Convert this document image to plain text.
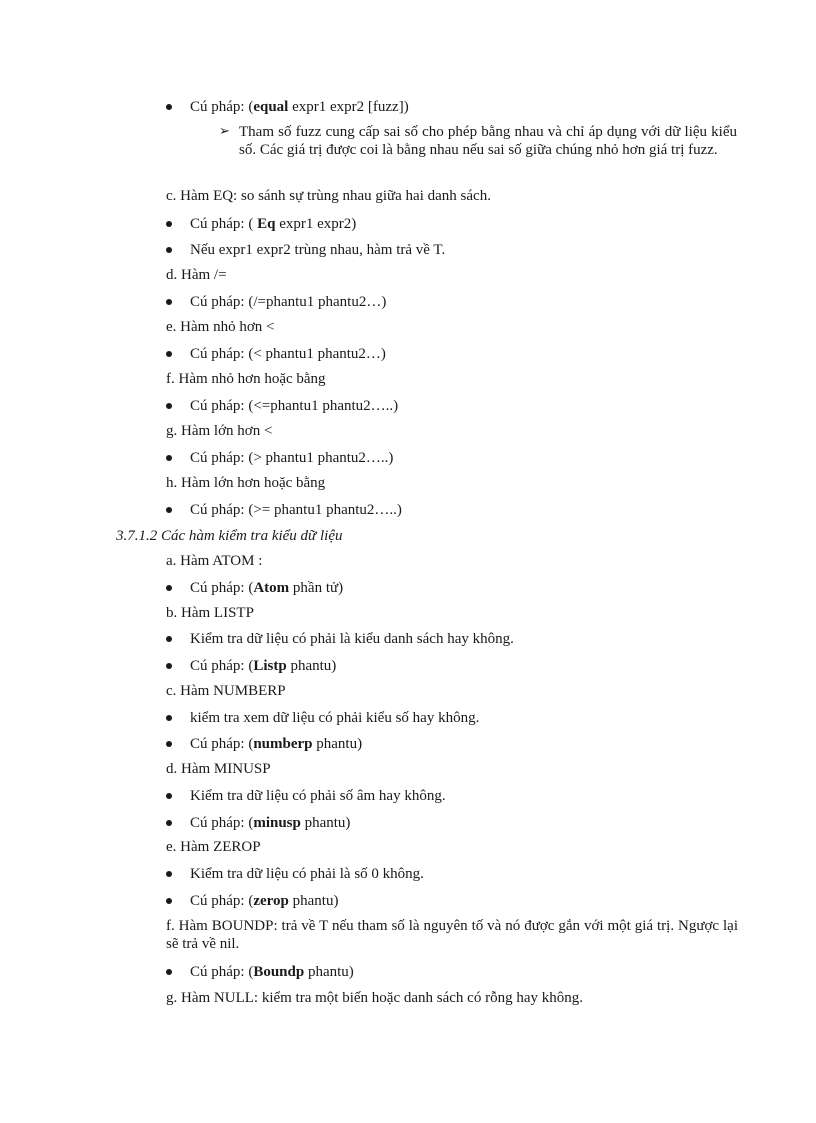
Cú pháp: (equal expr1 expr2 [fuzz])
➢ Tham số fuzz cung cấp sai số cho phép bằng nhau và chỉ áp dụng với dữ liệu kiểu số. Các giá trị được coi là bằng nhau nếu sai số giữa chúng nhỏ hơn giá trị fuzz.
c. Hàm EQ: so sánh sự trùng nhau giữa hai danh sách.
Cú pháp: ( Eq expr1 expr2)
Nếu expr1 expr2 trùng nhau, hàm trả về T.
d. Hàm /=
Cú pháp: (/=phantu1 phantu2…)
e. Hàm nhỏ hơn <
Cú pháp: (< phantu1 phantu2…)
f. Hàm nhỏ hơn hoặc bằng
Cú pháp: (<=phantu1 phantu2…..)
g. Hàm lớn hơn <
Cú pháp: (> phantu1 phantu2…..)
h. Hàm lớn hơn hoặc bằng
Cú pháp: (>= phantu1 phantu2…..)
3.7.1.2 Các hàm kiểm tra kiểu dữ liệu
a. Hàm ATOM :
Cú pháp: (Atom phần tử)
b. Hàm LISTP
Kiểm tra dữ liệu có phải là kiểu danh sách hay không.
Cú pháp: (Listp phantu)
c. Hàm NUMBERP
kiểm tra xem dữ liệu có phải kiểu số hay không.
Cú pháp: (numberp phantu)
d. Hàm MINUSP
Kiểm tra dữ liệu có phải số âm hay không.
Cú pháp: (minusp phantu)
e. Hàm ZEROP
Kiểm tra dữ liệu có phải là số 0 không.
Cú pháp: (zerop phantu)
f. Hàm BOUNDP: trả về T nếu tham số là nguyên tố và nó được gắn với một giá trị. Ngược lại sẽ trả về nil.
Cú pháp: (Boundp phantu)
g. Hàm NULL: kiểm tra một biến hoặc danh sách có rỗng hay không.
